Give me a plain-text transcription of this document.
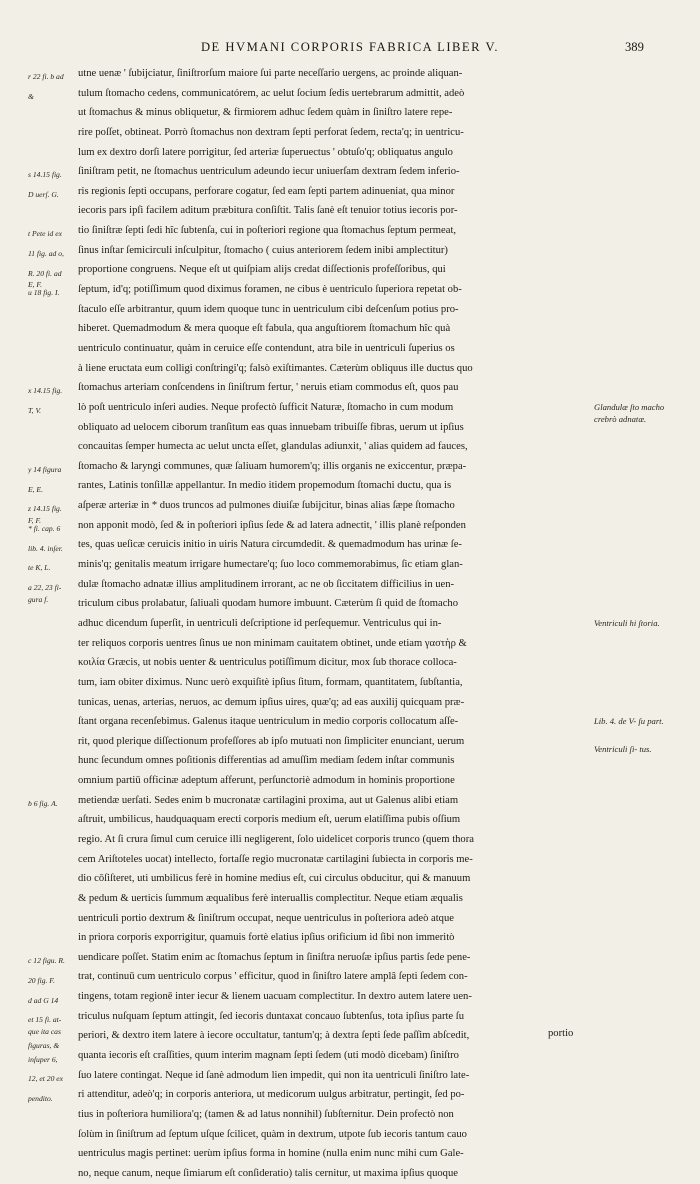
DE HVMANI CORPORIS FABRICA LIBER V.	389
r 22 fi. b ad
&
s 14.15 fig.
D uerſ. G.
t Pete id ex
11 fig. ad o,
R. 20 fi. ad
E, F.
u 18 fig. I.
x 14.15 fig.
T, V.
y 14 figura
E, E.
z 14.15 fig.
F, F.
* fi. cap. 6
lib. 4. inſer.
te K, L.
a 22, 23 fi-
gura f.
b 6 fig. A.
c 12 figu. R.
20 fig. F.
d ad G 14
et 15 fi. at-
que ita cas
figuras, &
inſuper 6,
12, et 20 ex
pendito.
utne uenæ ' ſubijciatur, ſiniſtrorſum maiore ſui parte neceſſario uergens, ac proinde aliquan-
tulum ſtomacho cedens, communicatórem, ac uelut ſocium ſedis uertebrarum admittit, adeò
ut ſtomachus & minus obliquetur, & firmiorem adhuc ſedem quàm in ſiniſtro latere repe-
rire poſſet, obtineat. Porrò ſtomachus non dextram ſepti perforat ſedem, recta'q; in uentricu-
lum ex dextro dorſi latere porrigitur, ſed arteriæ ſuperuectus ' obtuſo'q; obliquatus angulo
ſiniſtram petit, ne ſtomachus uentriculum adeundo iecur uniuerſam dextram ſedem inferio-
ris regionis ſepti occupans, perforare cogatur, ſed eam ſepti partem adinueniat, qua minor
iecoris pars ipſi facilem aditum præbitura conſiſtit. Talis ſanè eſt tenuior totius iecoris por-
tio ſiniſtræ ſepti ſedi hîc ſubtenſa, cui in poſteriori regione qua ſtomachus ſeptum permeat,
ſinus inſtar ſemicirculi inſculpitur, ſtomacho ( cuius anteriorem ſedem inibi amplectitur)
proportione congruens. Neque eſt ut quiſpiam alijs credat diſſectionis profeſſoribus, qui
ſeptum, id'q; potiſſimum quod diximus foramen, ne cibus è uentriculo ſuperiora repetat ob-
ſtaculo eſſe arbitrantur, quum idem quoque tunc in uentriculum cibi deſcenſum potius pro-
hiberet. Quemadmodum & mera quoque eſt fabula, qua anguſtiorem ſtomachum hîc quà
uentriculo continuatur, quàm in ceruice eſſe contendunt, atra bile in uentriculi ſuperius os
à liene eructata eum colligi conſtringi'q; falsò exiſtimantes. Cæterùm obliquus ille ductus quo
ſtomachus arteriam conſcendens in ſiniſtrum fertur, ' neruis etiam commodus eſt, quos pau
lò poſt uentriculo inſeri audies. Neque profectò ſufficit Naturæ, ſtomacho in cum modum
obliquato ad uelocem ciborum tranſitum eas quas innuebam tribuiſſe fibras, uerum ut ipſius
concauitas ſemper humecta ac uelut uncta eſſet, glandulas adiunxit, ' alias quidem ad fauces,
ſtomacho & laryngi communes, quæ ſaliuam humorem'q; illis organis ne exiccentur, præpa-
rantes, Latinis tonſillæ appellantur. In medio itidem propemodum ſtomachi ductu, qua is
aſperæ arteriæ in * duos truncos ad pulmones diuiſæ ſubijcitur, binas alias ſæpe ſtomacho
non apponit modò, ſed & in poſteriori ipſius ſede & ad latera adnectit, ' illis planè reſponden
tes, quas ueſicæ ceruicis initio in uiris Natura circumdedit. & quemadmodum has urinæ ſe-
minis'q; genitalis meatum irrigare humectare'q; ſuo loco commemorabimus, ſic etiam glan-
dulæ ſtomacho adnatæ illius amplitudinem irrorant, ac ne ob ſiccitatem difficilius in uen-
triculum cibus prolabatur, ſaliuali quodam humore imbuunt. Cæterùm ſi quid de ſtomacho
adhuc dicendum ſuperſit, in uentriculi deſcriptione id perſequemur. Ventriculus qui in-
ter reliquos corporis uentres ſinus ue non minimam cauitatem obtinet, unde etiam γαστὴρ &
κοιλία Græcis, ut nobis uenter & uentriculus potiſſimum dicitur, mox ſub thorace colloca-
tum, iam obiter diximus. Nunc uerò exquiſitè ipſius ſitum, formam, quantitatem, ſubſtantia,
tunicas, uenas, arterias, neruos, ac demum ipſius uires, quæ'q; ad eas auxilij quicquam præ-
ſtant organa recenſebimus. Galenus itaque uentriculum in medio corporis collocatum aſſe-
rit, quod plerique diſſectionum profeſſores ab ipſo mutuati non ſimpliciter enunciant, uerum
hunc ſecundum omnes poſitionis differentias ad amuſſim mediam ſedem inſtar communis
omnium partiū officinæ adeptum afferunt, perſunctoriè admodum in hominis proportione
metiendæ uerſati. Sedes enim b mucronatæ cartilagini proxima, aut ut Galenus alibi etiam
aſtruit, umbilicus, haudquaquam erecti corporis medium eſt, uerum elatiſſima pubis oſſium
regio. At ſi crura ſimul cum ceruice illi negligerent, ſolo uidelicet corporis trunco (quem thora
cem Ariſtoteles uocat) intellecto, fortaſſe regio mucronatæ cartilagini ſubiecta in corporis me-
dio cōſiſteret, uti umbilicus ferè in homine medius eſt, cui circulus obducitur, qui & manuum
& pedum & uerticis ſummum æqualibus ferè interuallis complectitur. Neque etiam æqualis
uentriculi portio dextrum & ſiniſtrum occupat, neque uentriculus in poſteriora adeò atque
in priora corporis exporrigitur, quamuis fortè elatius ipſius orificium id ſibi non immeritò
uendicare poſſet. Statim enim ac ſtomachus ſeptum in ſiniſtra neruoſæ ipſius partis ſede pene-
trat, continuū cum uentriculo corpus ' efficitur, quod in ſiniſtro latere amplâ ſepti ſedem con-
tingens, totam regionē inter iecur & lienem uacuam complectitur. In dextro autem latere uen-
triculus nuſquam ſeptum attingit, ſed iecoris duntaxat concauo ſubtenſus, tota ipſius parte ſu
periori, & dextro item latere à iecore occultatur, tantum'q; à dextra ſepti ſede paſſim abſcedit,
quanta iecoris eſt craſſities, quum interim magnam ſepti ſedem (uti modò dicebam) ſiniſtro
ſuo latere contingat. Neque id ſanè admodum lien impedit, qui non ita uentriculi ſiniſtro late-
ri attenditur, adeò'q; in corporis anteriora, ut medicorum uulgus arbitratur, pertingit, ſed po-
tius in poſteriora humiliora'q; (tamen & ad latus nonnihil) ſubſternitur. Dein profectò non
ſolùm in ſiniſtrum ad ſeptum uſque ſcilicet, quàm in dextrum, utpote ſub iecoris tantum cauo
uentriculus magis pertinet: uerùm ipſius forma in homine (nulla enim nunc mihi cum Gale-
no, neque canum, neque ſimiarum eſt conſideratio) talis cernitur, ut maxima ipſius quoque
Glandulæ ſto macho crebrò adnatæ.
Ventriculi hi ſtoria.
Lib. 4. de V- ſu part.
Ventriculi ſi- tus.
portio
